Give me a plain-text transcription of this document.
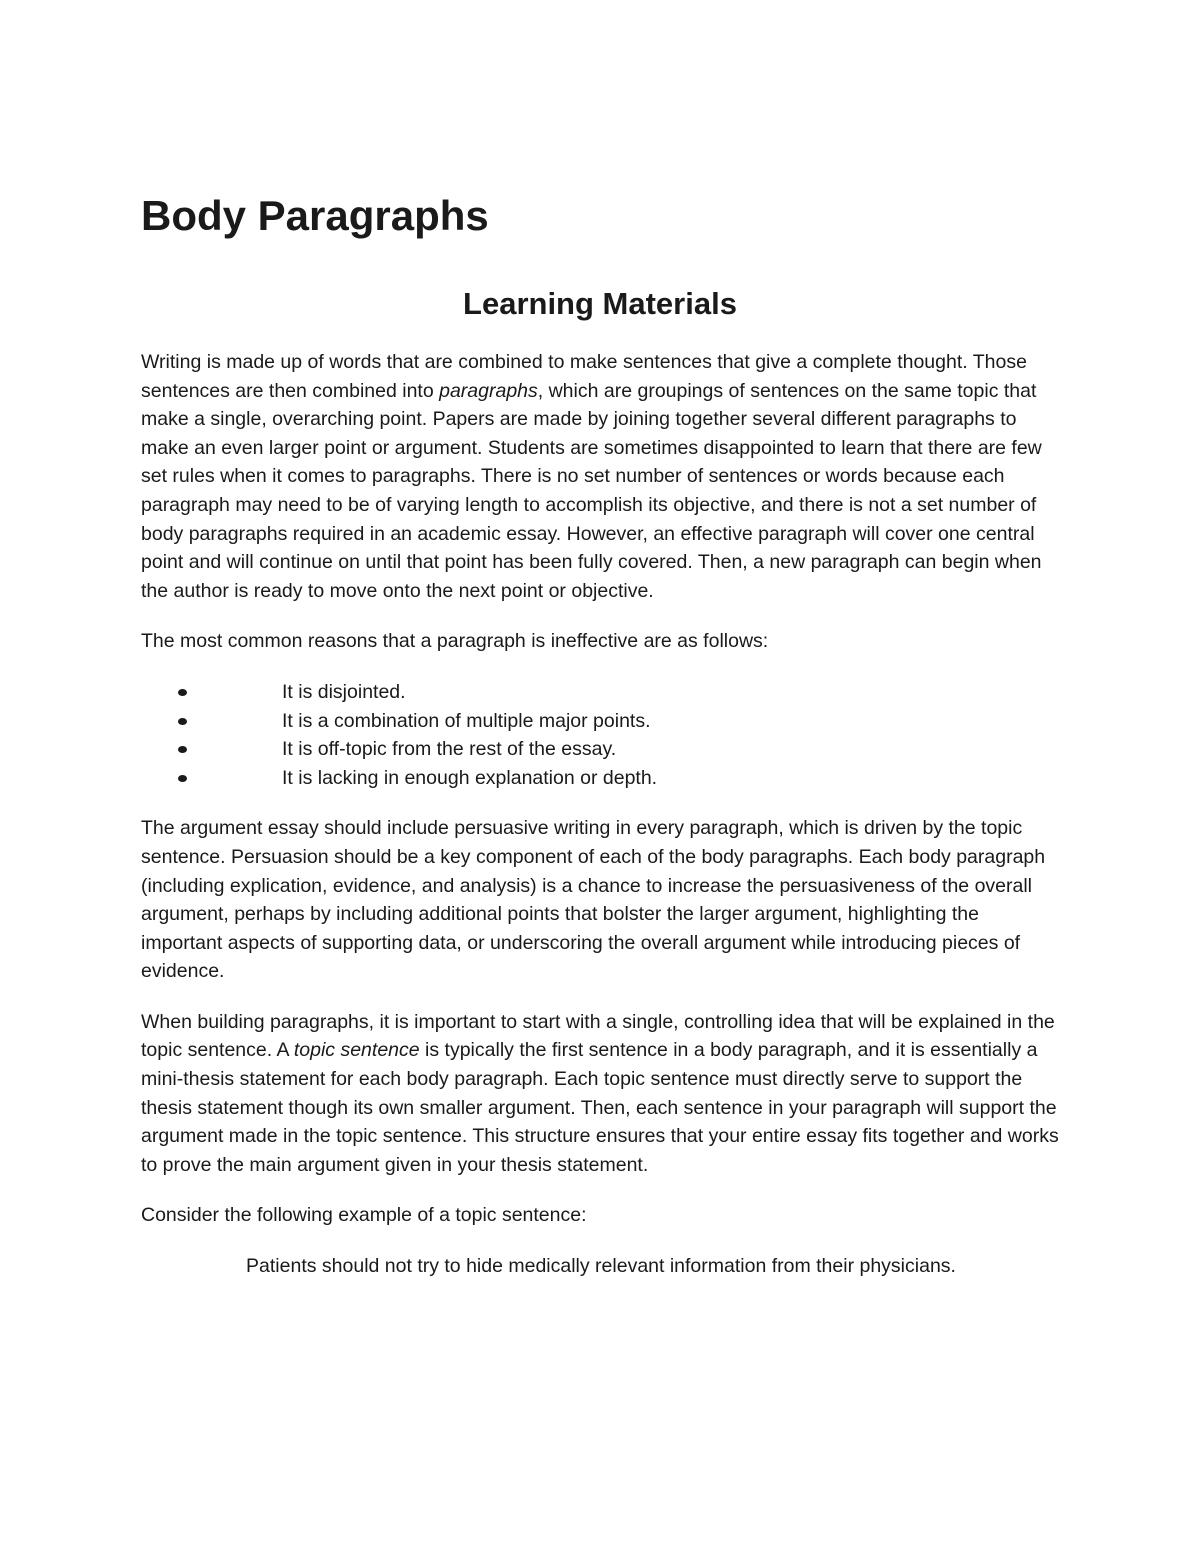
Body Paragraphs
Learning Materials

Writing is made up of words that are combined to make sentences that give a complete thought. Those sentences are then combined into paragraphs, which are groupings of sentences on the same topic that make a single, overarching point. Papers are made by joining together several different paragraphs to make an even larger point or argument. Students are sometimes disappointed to learn that there are few set rules when it comes to paragraphs. There is no set number of sentences or words because each paragraph may need to be of varying length to accomplish its objective, and there is not a set number of body paragraphs required in an academic essay. However, an effective paragraph will cover one central point and will continue on until that point has been fully covered. Then, a new paragraph can begin when the author is ready to move onto the next point or objective.

The most common reasons that a paragraph is ineffective are as follows:

It is disjointed.
It is a combination of multiple major points.
It is off-topic from the rest of the essay.
It is lacking in enough explanation or depth.

The argument essay should include persuasive writing in every paragraph, which is driven by the topic sentence. Persuasion should be a key component of each of the body paragraphs. Each body paragraph (including explication, evidence, and analysis) is a chance to increase the persuasiveness of the overall argument, perhaps by including additional points that bolster the larger argument, highlighting the important aspects of supporting data, or underscoring the overall argument while introducing pieces of evidence.

When building paragraphs, it is important to start with a single, controlling idea that will be explained in the topic sentence. A topic sentence is typically the first sentence in a body paragraph, and it is essentially a mini-thesis statement for each body paragraph. Each topic sentence must directly serve to support the thesis statement though its own smaller argument. Then, each sentence in your paragraph will support the argument made in the topic sentence. This structure ensures that your entire essay fits together and works to prove the main argument given in your thesis statement.

Consider the following example of a topic sentence:

Patients should not try to hide medically relevant information from their physicians.
